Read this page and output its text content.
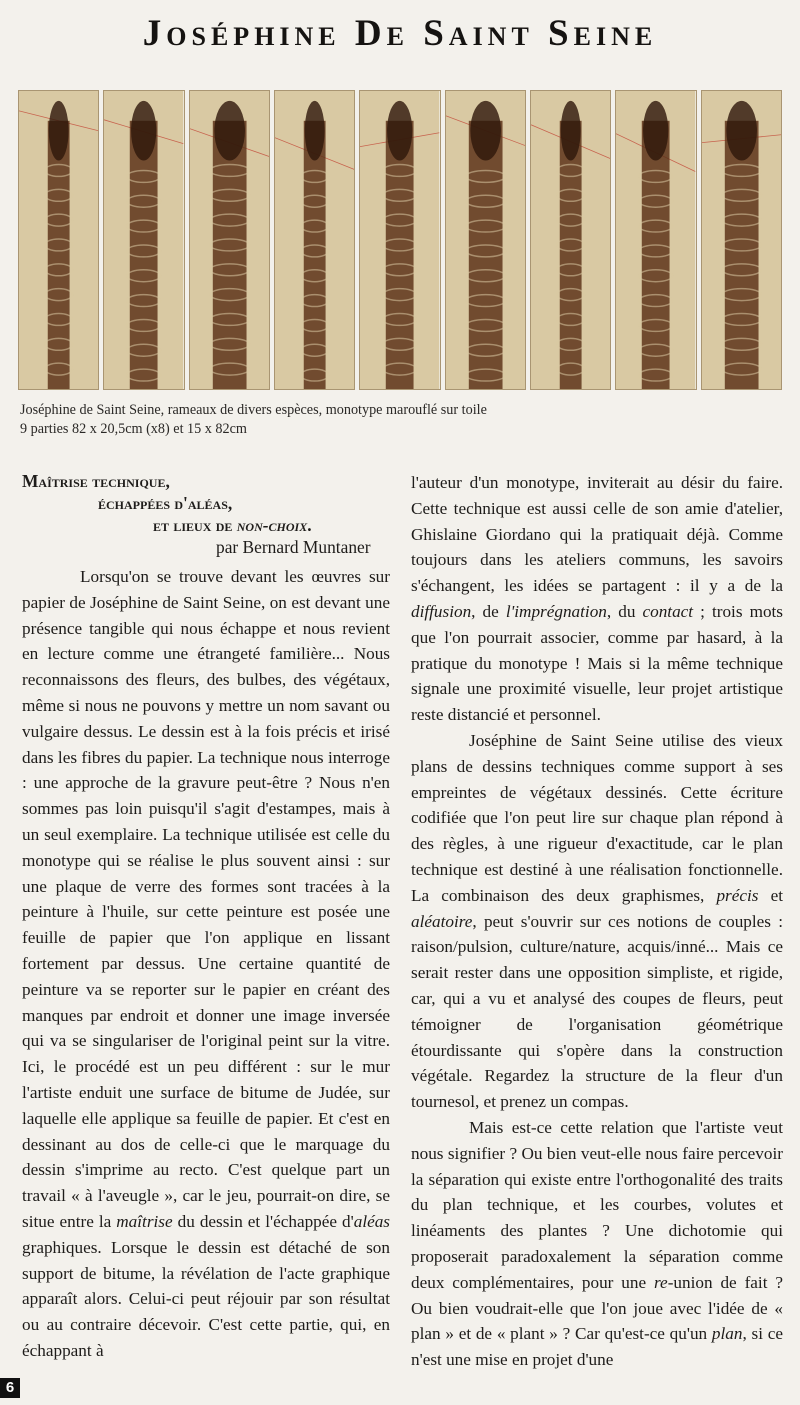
Joséphine De Saint Seine
Joséphine de Saint Seine, rameaux de divers espèces, monotype marouflé sur toile
9 parties 82 x 20,5cm (x8) et 15 x 82cm
Maîtrise technique,
échappées d'aléas,
et lieux de non-choix.
par Bernard Muntaner

Lorsqu'on se trouve devant les œuvres sur papier de Joséphine de Saint Seine, on est devant une présence tangible qui nous échappe et nous revient en lecture comme une étrangeté familière... Nous reconnaissons des fleurs, des bulbes, des végétaux, même si nous ne pouvons y mettre un nom savant ou vulgaire dessus. Le dessin est à la fois précis et irisé dans les fibres du papier. La technique nous interroge : une approche de la gravure peut-être ? Nous n'en sommes pas loin puisqu'il s'agit d'estampes, mais à un seul exemplaire. La technique utilisée est celle du monotype qui se réalise le plus souvent ainsi : sur une plaque de verre des formes sont tracées à la peinture à l'huile, sur cette peinture est posée une feuille de papier que l'on applique en lissant fortement par dessus. Une certaine quantité de peinture va se reporter sur le papier en créant des manques par endroit et donner une image inversée qui va se singulariser de l'original peint sur la vitre. Ici, le procédé est un peu différent : sur le mur l'artiste enduit une surface de bitume de Judée, sur laquelle elle applique sa feuille de papier. Et c'est en dessinant au dos de celle-ci que le marquage du dessin s'imprime au recto. C'est quelque part un travail « à l'aveugle », car le jeu, pourrait-on dire, se situe entre la maîtrise du dessin et l'échappée d'aléas graphiques. Lorsque le dessin est détaché de son support de bitume, la révélation de l'acte graphique apparaît alors. Celui-ci peut réjouir par son résultat ou au contraire décevoir. C'est cette partie, qui, en échappant à

l'auteur d'un monotype, inviterait au désir du faire. Cette technique est aussi celle de son amie d'atelier, Ghislaine Giordano qui la pratiquait déjà. Comme toujours dans les ateliers communs, les savoirs s'échangent, les idées se partagent : il y a de la diffusion, de l'imprégnation, du contact ; trois mots que l'on pourrait associer, comme par hasard, à la pratique du monotype ! Mais si la même technique signale une proximité visuelle, leur projet artistique reste distancié et personnel.

Joséphine de Saint Seine utilise des vieux plans de dessins techniques comme support à ses empreintes de végétaux dessinés. Cette écriture codifiée que l'on peut lire sur chaque plan répond à des règles, à une rigueur d'exactitude, car le plan technique est destiné à une réalisation fonctionnelle. La combinaison des deux graphismes, précis et aléatoire, peut s'ouvrir sur ces notions de couples : raison/pulsion, culture/nature, acquis/inné... Mais ce serait rester dans une opposition simpliste, et rigide, car, qui a vu et analysé des coupes de fleurs, peut témoigner de l'organisation géométrique étourdissante qui s'opère dans la construction végétale. Regardez la structure de la fleur d'un tournesol, et prenez un compas.

Mais est-ce cette relation que l'artiste veut nous signifier ? Ou bien veut-elle nous faire percevoir la séparation qui existe entre l'orthogonalité des traits du plan technique, et les courbes, volutes et linéaments des plantes ? Une dichotomie qui proposerait paradoxalement la séparation comme deux complémentaires, pour une re-union de fait ? Ou bien voudrait-elle que l'on joue avec l'idée de « plan » et de « plant » ? Car qu'est-ce qu'un plan, si ce n'est une mise en projet d'une

6
